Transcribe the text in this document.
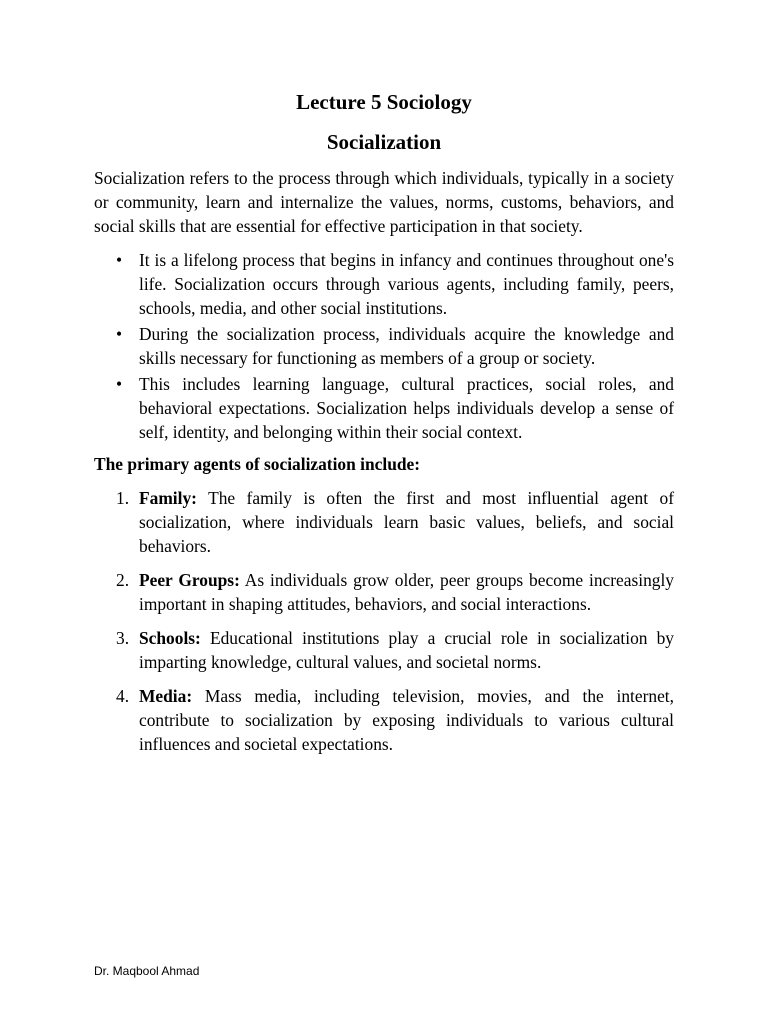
Lecture 5 Sociology
Socialization

Socialization refers to the process through which individuals, typically in a society or community, learn and internalize the values, norms, customs, behaviors, and social skills that are essential for effective participation in that society.

• It is a lifelong process that begins in infancy and continues throughout one's life. Socialization occurs through various agents, including family, peers, schools, media, and other social institutions.
• During the socialization process, individuals acquire the knowledge and skills necessary for functioning as members of a group or society.
• This includes learning language, cultural practices, social roles, and behavioral expectations. Socialization helps individuals develop a sense of self, identity, and belonging within their social context.

The primary agents of socialization include:

1. Family: The family is often the first and most influential agent of socialization, where individuals learn basic values, beliefs, and social behaviors.
2. Peer Groups: As individuals grow older, peer groups become increasingly important in shaping attitudes, behaviors, and social interactions.
3. Schools: Educational institutions play a crucial role in socialization by imparting knowledge, cultural values, and societal norms.
4. Media: Mass media, including television, movies, and the internet, contribute to socialization by exposing individuals to various cultural influences and societal expectations.
Dr. Maqbool Ahmad
